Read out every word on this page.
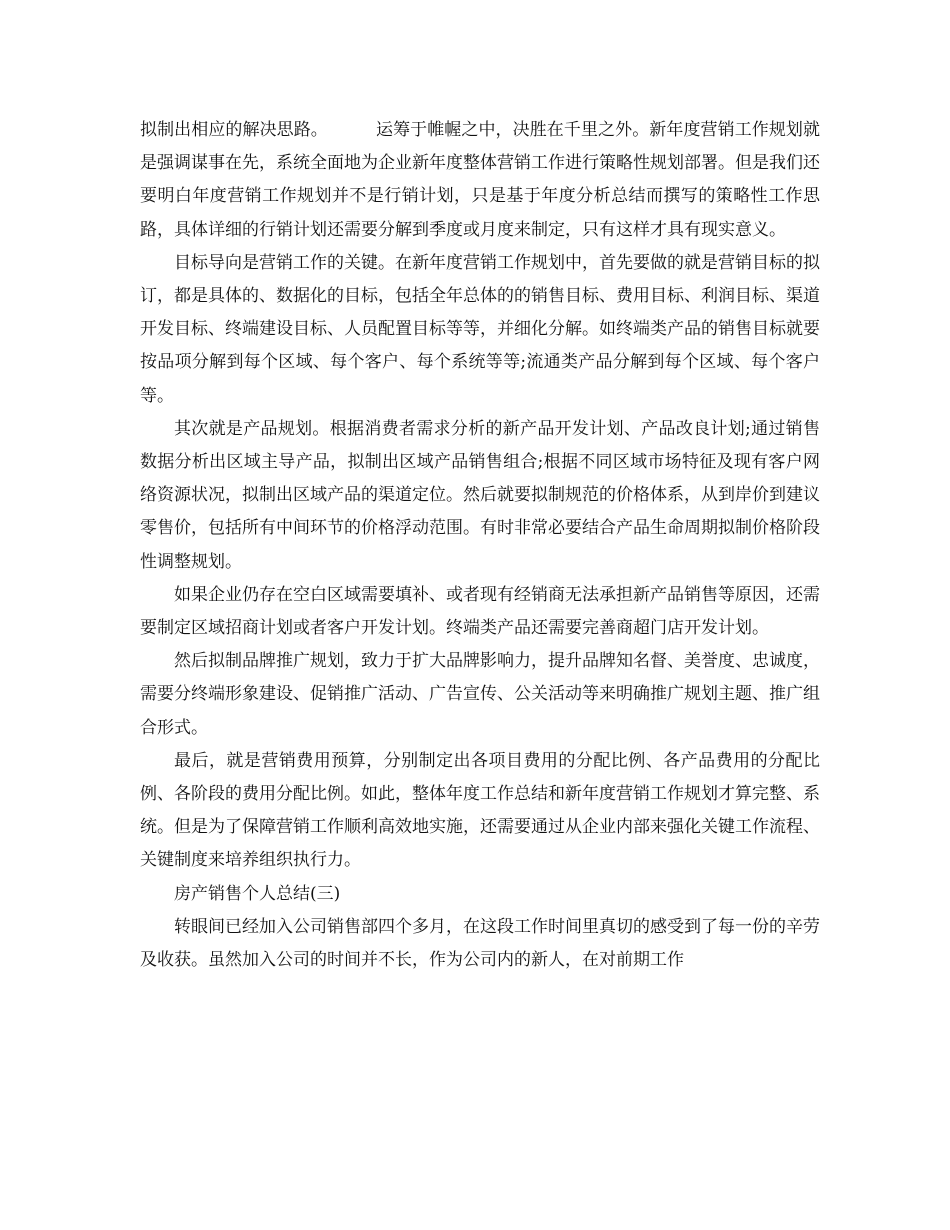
拟制出相应的解决思路。	运筹于帷幄之中，决胜在千里之外。新年度营销工作规划就是强调谋事在先，系统全面地为企业新年度整体营销工作进行策略性规划部署。但是我们还要明白年度营销工作规划并不是行销计划，只是基于年度分析总结而撰写的策略性工作思路，具体详细的行销计划还需要分解到季度或月度来制定，只有这样才具有现实意义。

目标导向是营销工作的关键。在新年度营销工作规划中，首先要做的就是营销目标的拟订，都是具体的、数据化的目标，包括全年总体的的销售目标、费用目标、利润目标、渠道开发目标、终端建设目标、人员配置目标等等，并细化分解。如终端类产品的销售目标就要按品项分解到每个区域、每个客户、每个系统等等;流通类产品分解到每个区域、每个客户等。

其次就是产品规划。根据消费者需求分析的新产品开发计划、产品改良计划;通过销售数据分析出区域主导产品，拟制出区域产品销售组合;根据不同区域市场特征及现有客户网络资源状况，拟制出区域产品的渠道定位。然后就要拟制规范的价格体系，从到岸价到建议零售价，包括所有中间环节的价格浮动范围。有时非常必要结合产品生命周期拟制价格阶段性调整规划。

如果企业仍存在空白区域需要填补、或者现有经销商无法承担新产品销售等原因，还需要制定区域招商计划或者客户开发计划。终端类产品还需要完善商超门店开发计划。

然后拟制品牌推广规划，致力于扩大品牌影响力，提升品牌知名督、美誉度、忠诚度，需要分终端形象建设、促销推广活动、广告宣传、公关活动等来明确推广规划主题、推广组合形式。

最后，就是营销费用预算，分别制定出各项目费用的分配比例、各产品费用的分配比例、各阶段的费用分配比例。如此，整体年度工作总结和新年度营销工作规划才算完整、系统。但是为了保障营销工作顺利高效地实施，还需要通过从企业内部来强化关键工作流程、关键制度来培养组织执行力。

房产销售个人总结(三)

转眼间已经加入公司销售部四个多月，在这段工作时间里真切的感受到了每一份的辛劳及收获。虽然加入公司的时间并不长，作为公司内的新人，在对前期工作
